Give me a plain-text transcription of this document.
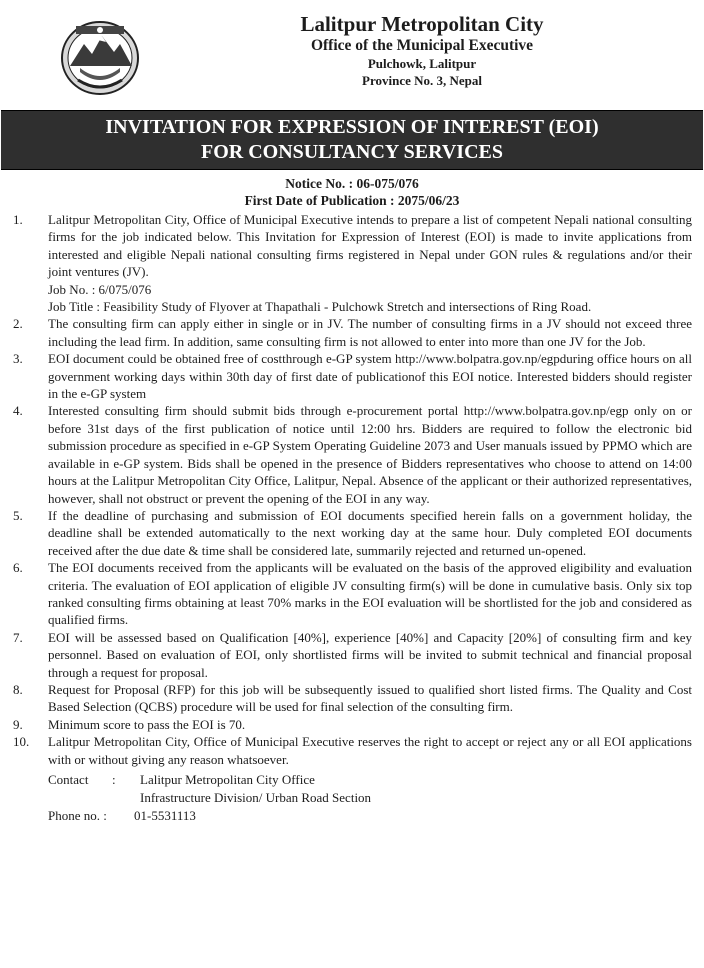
Lalitpur Metropolitan City
Office of the Municipal Executive
Pulchowk, Lalitpur
Province No. 3, Nepal
INVITATION FOR EXPRESSION OF INTEREST (EOI)
FOR CONSULTANCY SERVICES
Notice No. : 06-075/076
First Date of Publication : 2075/06/23
1. Lalitpur Metropolitan City, Office of Municipal Executive intends to prepare a list of competent Nepali national consulting firms for the job indicated below. This Invitation for Expression of Interest (EOI) is made to invite applications from interested and eligible Nepali national consulting firms registered in Nepal under GON rules & regulations and/or their joint ventures (JV).
Job No. : 6/075/076
Job Title : Feasibility Study of Flyover at Thapathali - Pulchowk Stretch and intersections of Ring Road.
2. The consulting firm can apply either in single or in JV. The number of consulting firms in a JV should not exceed three including the lead firm. In addition, same consulting firm is not allowed to enter into more than one JV for the Job.
3. EOI document could be obtained free of costthrough e-GP system http://www.bolpatra.gov.np/egpduring office hours on all government working days within 30th day of first date of publicationof this EOI notice. Interested bidders should register in the e-GP system
4. Interested consulting firm should submit bids through e-procurement portal http://www.bolpatra.gov.np/egp only on or before 31st days of the first publication of notice until 12:00 hrs. Bidders are required to follow the electronic bid submission procedure as specified in e-GP System Operating Guideline 2073 and User manuals issued by PPMO which are available in e-GP system. Bids shall be opened in the presence of Bidders representatives who choose to attend on 14:00 hours at the Lalitpur Metropolitan City Office, Lalitpur, Nepal. Absence of the applicant or their authorized representatives, however, shall not obstruct or prevent the opening of the EOI in any way.
5. If the deadline of purchasing and submission of EOI documents specified herein falls on a government holiday, the deadline shall be extended automatically to the next working day at the same hour. Duly completed EOI documents received after the due date & time shall be considered late, summarily rejected and returned un-opened.
6. The EOI documents received from the applicants will be evaluated on the basis of the approved eligibility and evaluation criteria. The evaluation of EOI application of eligible JV consulting firm(s) will be done in cumulative basis. Only six top ranked consulting firms obtaining at least 70% marks in the EOI evaluation will be shortlisted for the job and considered as qualified firms.
7. EOI will be assessed based on Qualification [40%], experience [40%] and Capacity [20%] of consulting firm and key personnel. Based on evaluation of EOI, only shortlisted firms will be invited to submit technical and financial proposal through a request for proposal.
8. Request for Proposal (RFP) for this job will be subsequently issued to qualified short listed firms. The Quality and Cost Based Selection (QCBS) procedure will be used for final selection of the consulting firm.
9. Minimum score to pass the EOI is 70.
10. Lalitpur Metropolitan City, Office of Municipal Executive reserves the right to accept or reject any or all EOI applications with or without giving any reason whatsoever.
Contact : Lalitpur Metropolitan City Office
Infrastructure Division/ Urban Road Section
Phone no. : 01-5531113
